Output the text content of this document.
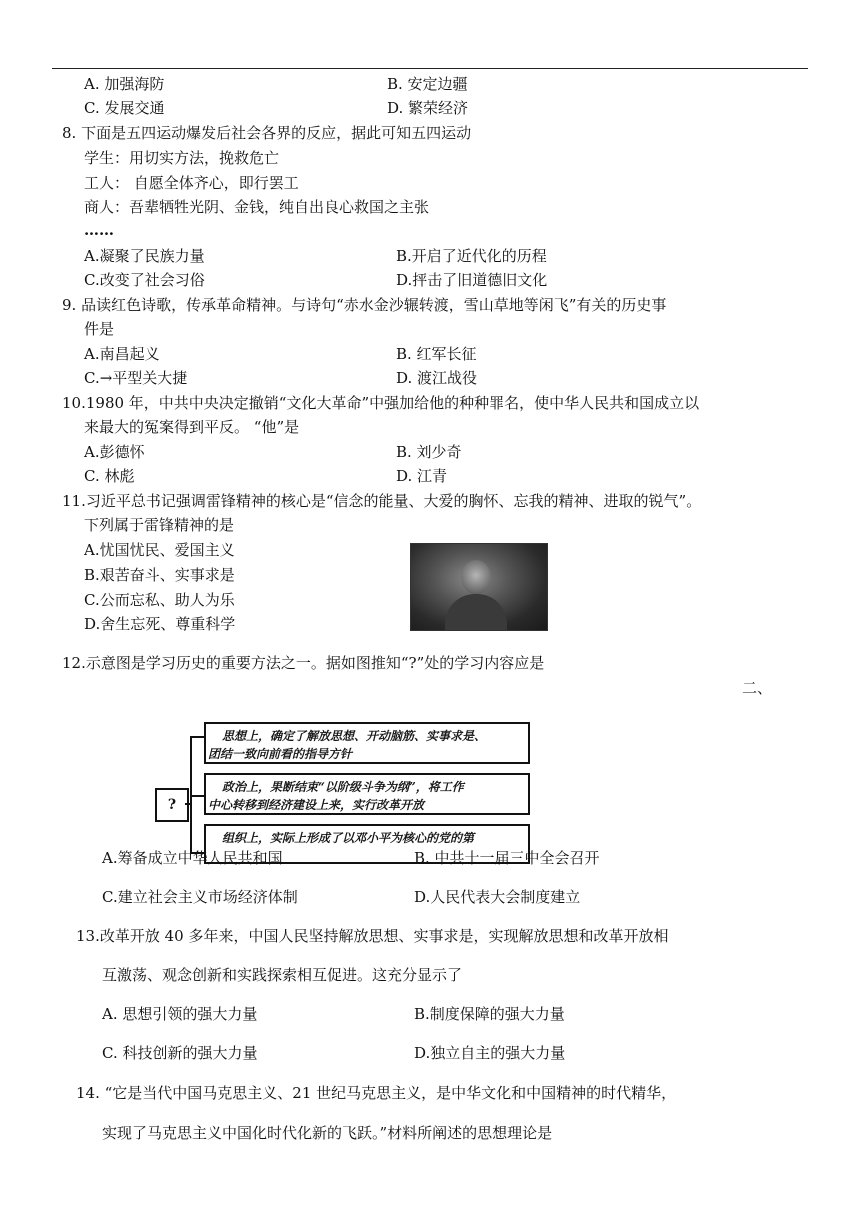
A. 加强海防	B. 安定边疆
C. 发展交通	D. 繁荣经济
8. 下面是五四运动爆发后社会各界的反应，据此可知五四运动
学生：用切实方法，挽救危亡
工人： 自愿全体齐心，即行罢工
商人：吾辈牺牲光阴、金钱，纯自出良心救国之主张
……
A.凝聚了民族力量	B.开启了近代化的历程
C.改变了社会习俗	D.抨击了旧道德旧文化
9. 品读红色诗歌，传承革命精神。与诗句“赤水金沙辗转渡，雪山草地等闲飞”有关的历史事
件是
A.南昌起义	B. 红军长征
C.→平型关大捷	D. 渡江战役
10.1980 年，中共中央决定撤销“文化大革命”中强加给他的种种罪名，使中华人民共和国成立以
来最大的冤案得到平反。 “他”是
A.彭德怀	B. 刘少奇
C. 林彪	D. 江青
11.习近平总书记强调雷锋精神的核心是“信念的能量、大爱的胸怀、忘我的精神、进取的锐气”。
下列属于雷锋精神的是
A.忧国忧民、爱国主义
B.艰苦奋斗、实事求是
C.公而忘私、助人为乐
D.舍生忘死、尊重科学
12.示意图是学习历史的重要方法之一。据如图推知“?”处的学习内容应是
二、
?
思想上，确定了解放思想、开动脑筋、实事求是、
团结一致向前看的指导方针
政治上，果断结束“以阶级斗争为纲”，将工作
中心转移到经济建设上来，实行改革开放
组织上，实际上形成了以邓小平为核心的党的第
A.筹备成立中华人民共和国	B. 中共十一届三中全会召开
C.建立社会主义市场经济体制	D.人民代表大会制度建立
13.改革开放 40 多年来，中国人民坚持解放思想、实事求是，实现解放思想和改革开放相
互激荡、观念创新和实践探索相互促进。这充分显示了
A. 思想引领的强大力量	B.制度保障的强大力量
C. 科技创新的强大力量	D.独立自主的强大力量
14. “它是当代中国马克思主义、21 世纪马克思主义，是中华文化和中国精神的时代精华，
实现了马克思主义中国化时代化新的飞跃。”材料所阐述的思想理论是
